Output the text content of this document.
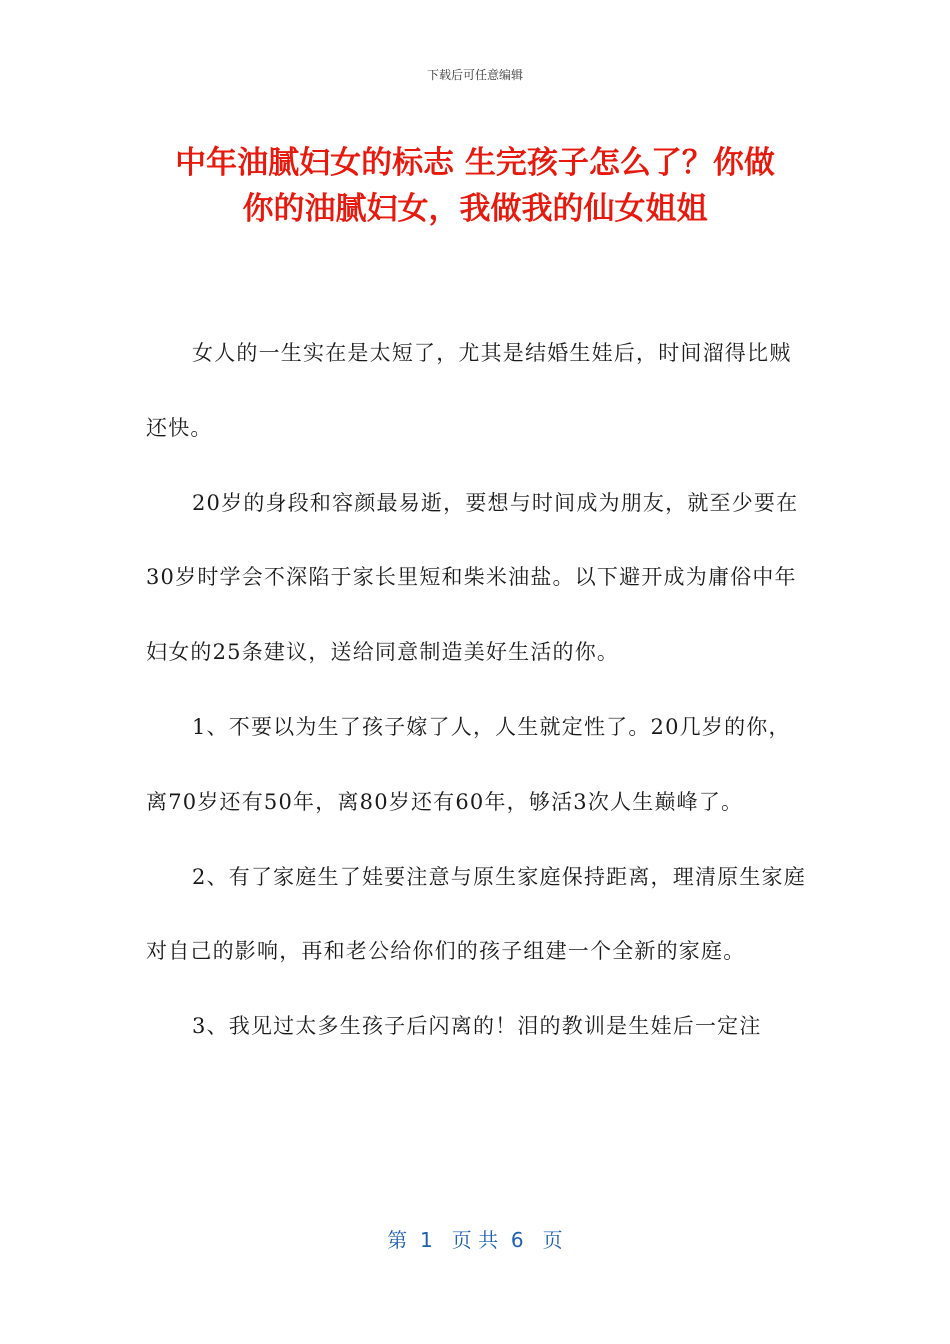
下载后可任意编辑
中年油腻妇女的标志 生完孩子怎么了？你做
你的油腻妇女，我做我的仙女姐姐

女人的一生实在是太短了，尤其是结婚生娃后，时间溜得比贼还快。

20岁的身段和容颜最易逝，要想与时间成为朋友，就至少要在30岁时学会不深陷于家长里短和柴米油盐。以下避开成为庸俗中年妇女的25条建议，送给同意制造美好生活的你。

1、不要以为生了孩子嫁了人，人生就定性了。20几岁的你，离70岁还有50年，离80岁还有60年，够活3次人生巅峰了。

2、有了家庭生了娃要注意与原生家庭保持距离，理清原生家庭对自己的影响，再和老公给你们的孩子组建一个全新的家庭。

3、我见过太多生孩子后闪离的！泪的教训是生娃后一定注

第  1   页 共  6   页
